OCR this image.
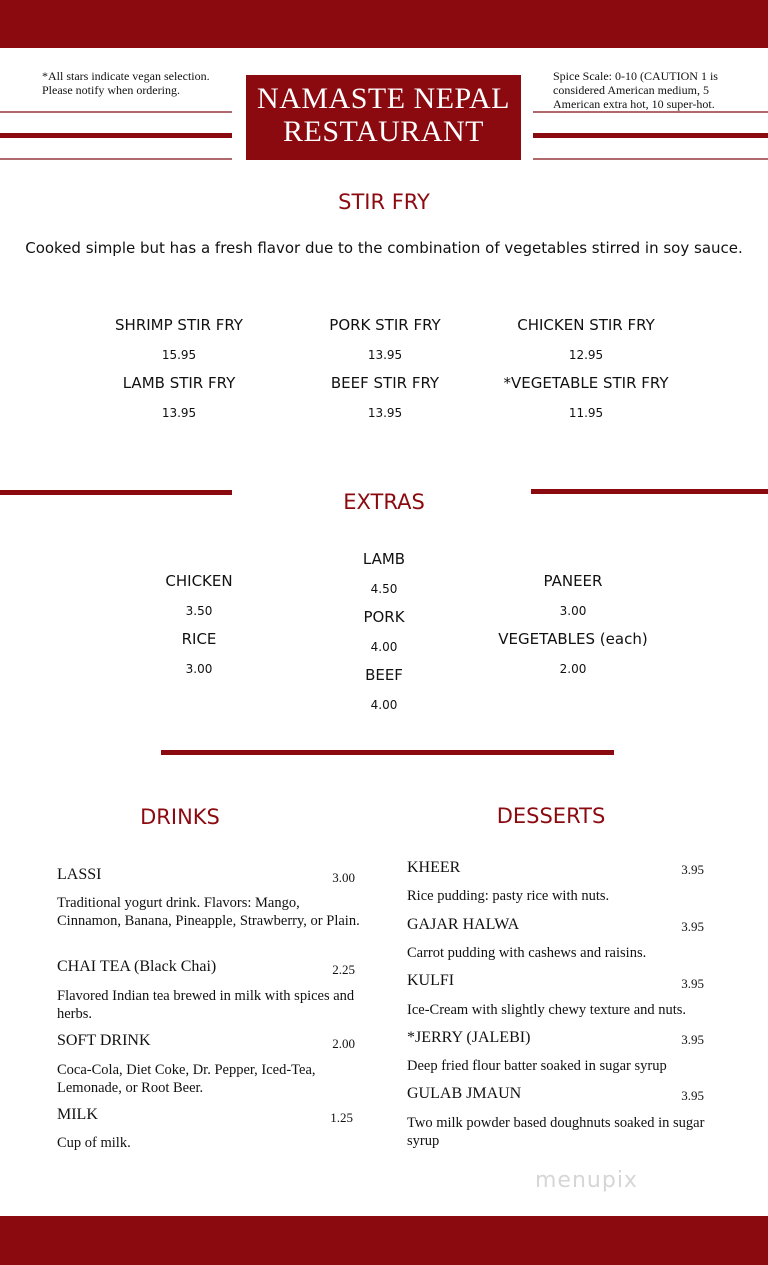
*All stars indicate vegan selection. Please notify when ordering.
Spice Scale: 0-10 (CAUTION 1 is considered American medium, 5 American extra hot, 10 super-hot.
NAMASTE NEPAL
RESTAURANT
STIR FRY
Cooked simple but has a fresh flavor due to the combination of vegetables stirred in soy sauce.
SHRIMP STIR FRY
15.95
PORK STIR FRY
13.95
CHICKEN STIR FRY
12.95
LAMB STIR FRY
13.95
BEEF STIR FRY
13.95
*VEGETABLE STIR FRY
11.95
EXTRAS
CHICKEN
3.50
RICE
3.00
LAMB
4.50
PORK
4.00
BEEF
4.00
PANEER
3.00
VEGETABLES (each)
2.00
DRINKS
LASSI	3.00
Traditional yogurt drink. Flavors: Mango, Cinnamon, Banana, Pineapple, Strawberry, or Plain.
CHAI TEA (Black Chai)	2.25
Flavored Indian tea brewed in milk with spices and herbs.
SOFT DRINK	2.00
Coca-Cola, Diet Coke, Dr. Pepper, Iced-Tea, Lemonade, or Root Beer.
MILK	1.25
Cup of milk.
DESSERTS
KHEER	3.95
Rice pudding: pasty rice with nuts.
GAJAR HALWA	3.95
Carrot pudding with cashews and raisins.
KULFI	3.95
Ice-Cream with slightly chewy texture and nuts.
*JERRY (JALEBI)	3.95
Deep fried flour batter soaked in sugar syrup
GULAB JMAUN	3.95
Two milk powder based doughnuts soaked in sugar syrup
menupix
